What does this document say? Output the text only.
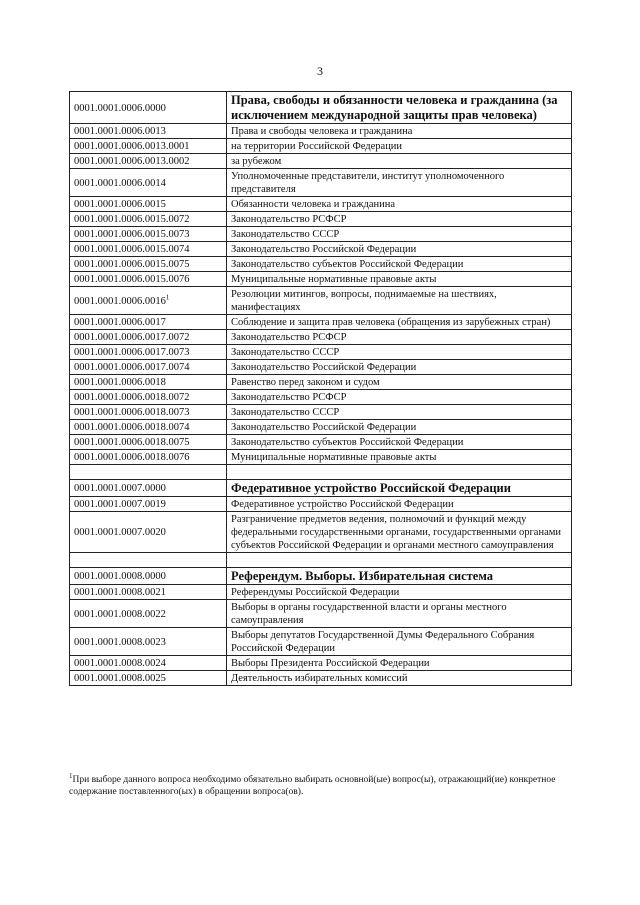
3
0001.0001.0006.0000	Права, свободы и обязанности человека и гражданина (за исключением международной защиты прав человека)
0001.0001.0006.0013	Права и свободы человека и гражданина
0001.0001.0006.0013.0001	на территории Российской Федерации
0001.0001.0006.0013.0002	за рубежом
0001.0001.0006.0014	Уполномоченные представители, институт уполномоченного представителя
0001.0001.0006.0015	Обязанности человека и гражданина
0001.0001.0006.0015.0072	Законодательство РСФСР
0001.0001.0006.0015.0073	Законодательство СССР
0001.0001.0006.0015.0074	Законодательство Российской Федерации
0001.0001.0006.0015.0075	Законодательство субъектов Российской Федерации
0001.0001.0006.0015.0076	Муниципальные нормативные правовые акты
0001.0001.0006.0016$^1$	Резолюции митингов, вопросы, поднимаемые на шествиях, манифестациях
0001.0001.0006.0017	Соблюдение и защита прав человека (обращения из зарубежных стран)
0001.0001.0006.0017.0072	Законодательство РСФСР
0001.0001.0006.0017.0073	Законодательство СССР
0001.0001.0006.0017.0074	Законодательство Российской Федерации
0001.0001.0006.0018	Равенство перед законом и судом
0001.0001.0006.0018.0072	Законодательство РСФСР
0001.0001.0006.0018.0073	Законодательство СССР
0001.0001.0006.0018.0074	Законодательство Российской Федерации
0001.0001.0006.0018.0075	Законодательство субъектов Российской Федерации
0001.0001.0006.0018.0076	Муниципальные нормативные правовые акты

0001.0001.0007.0000	Федеративное устройство Российской Федерации
0001.0001.0007.0019	Федеративное устройство Российской Федерации
0001.0001.0007.0020	Разграничение предметов ведения, полномочий и функций между федеральными государственными органами, государственными органами субъектов Российской Федерации и органами местного самоуправления

0001.0001.0008.0000	Референдум. Выборы. Избирательная система
0001.0001.0008.0021	Референдумы Российской Федерации
0001.0001.0008.0022	Выборы в органы государственной власти и органы местного самоуправления
0001.0001.0008.0023	Выборы депутатов Государственной Думы Федерального Собрания Российской Федерации
0001.0001.0008.0024	Выборы Президента Российской Федерации
0001.0001.0008.0025	Деятельность избирательных комиссий
$^1$При выборе данного вопроса необходимо обязательно выбирать основной(ые) вопрос(ы), отражающий(ие) конкретное содержание поставленного(ых) в обращении вопроса(ов).
